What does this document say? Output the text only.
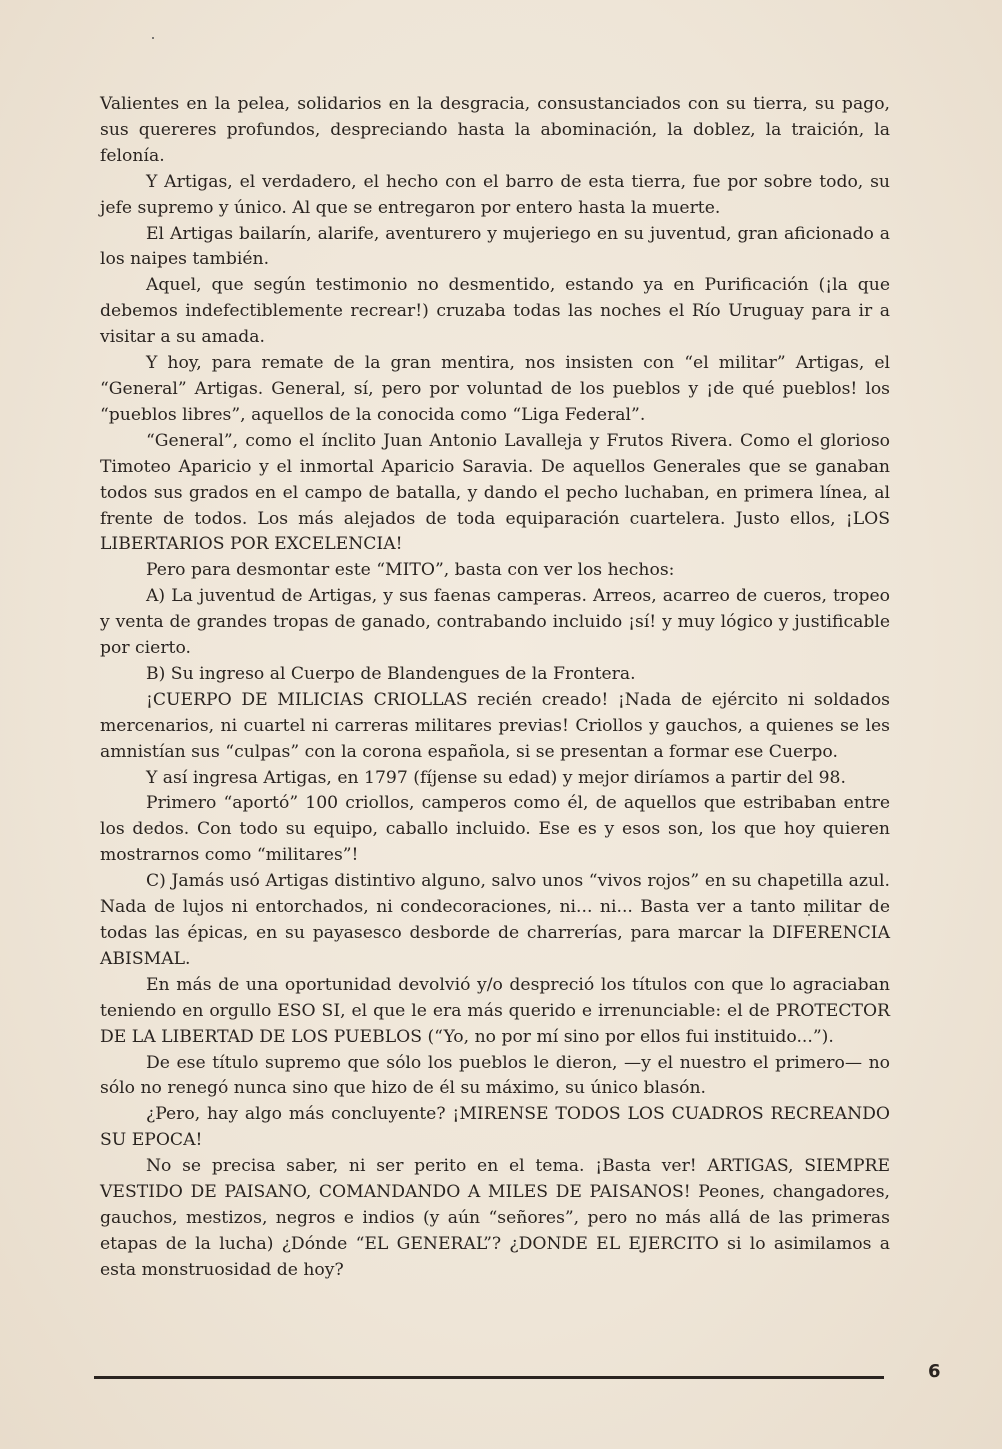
Valientes en la pelea, solidarios en la desgracia, consustanciados con su tierra, su pago, sus quereres profundos, despreciando hasta la abominación, la doblez, la traición, la felonía.

Y Artigas, el verdadero, el hecho con el barro de esta tierra, fue por sobre todo, su jefe supremo y único. Al que se entregaron por entero hasta la muerte.

El Artigas bailarín, alarife, aventurero y mujeriego en su juventud, gran aficionado a los naipes también.

Aquel, que según testimonio no desmentido, estando ya en Purificación (¡la que debemos indefectiblemente recrear!) cruzaba todas las noches el Río Uruguay para ir a visitar a su amada.

Y hoy, para remate de la gran mentira, nos insisten con “el militar” Artigas, el “General” Artigas. General, sí, pero por voluntad de los pueblos y ¡de qué pueblos! los “pueblos libres”, aquellos de la conocida como “Liga Federal”.

“General”, como el ínclito Juan Antonio Lavalleja y Frutos Rivera. Como el glorioso Timoteo Aparicio y el inmortal Aparicio Saravia. De aquellos Generales que se ganaban todos sus grados en el campo de batalla, y dando el pecho luchaban, en primera línea, al frente de todos. Los más alejados de toda equiparación cuartelera. Justo ellos, ¡LOS LIBERTARIOS POR EXCELENCIA!

Pero para desmontar este “MITO”, basta con ver los hechos:

A) La juventud de Artigas, y sus faenas camperas. Arreos, acarreo de cueros, tropeo y venta de grandes tropas de ganado, contrabando incluido ¡sí! y muy lógico y justificable por cierto.

B) Su ingreso al Cuerpo de Blandengues de la Frontera.

¡CUERPO DE MILICIAS CRIOLLAS recién creado! ¡Nada de ejército ni soldados mercenarios, ni cuartel ni carreras militares previas! Criollos y gauchos, a quienes se les amnistían sus “culpas” con la corona española, si se presentan a formar ese Cuerpo.

Y así ingresa Artigas, en 1797 (fíjense su edad) y mejor diríamos a partir del 98.

Primero “aportó” 100 criollos, camperos como él, de aquellos que estribaban entre los dedos. Con todo su equipo, caballo incluido. Ese es y esos son, los que hoy quieren mostrarnos como “militares”!

C) Jamás usó Artigas distintivo alguno, salvo unos “vivos rojos” en su chapetilla azul. Nada de lujos ni entorchados, ni condecoraciones, ni... ni... Basta ver a tanto militar de todas las épicas, en su payasesco desborde de charrerías, para marcar la DIFERENCIA ABISMAL.

En más de una oportunidad devolvió y/o despreció los títulos con que lo agraciaban teniendo en orgullo ESO SI, el que le era más querido e irrenunciable: el de PROTECTOR DE LA LIBERTAD DE LOS PUEBLOS (“Yo, no por mí sino por ellos fui instituido...”).

De ese título supremo que sólo los pueblos le dieron, —y el nuestro el primero— no sólo no renegó nunca sino que hizo de él su máximo, su único blasón.

¿Pero, hay algo más concluyente? ¡MIRENSE TODOS LOS CUADROS RECREANDO SU EPOCA!

No se precisa saber, ni ser perito en el tema. ¡Basta ver! ARTIGAS, SIEMPRE VESTIDO DE PAISANO, COMANDANDO A MILES DE PAISANOS! Peones, changadores, gauchos, mestizos, negros e indios (y aún “señores”, pero no más allá de las primeras etapas de la lucha) ¿Dónde “EL GENERAL”? ¿DONDE EL EJERCITO si lo asimilamos a esta monstruosidad de hoy?

6
